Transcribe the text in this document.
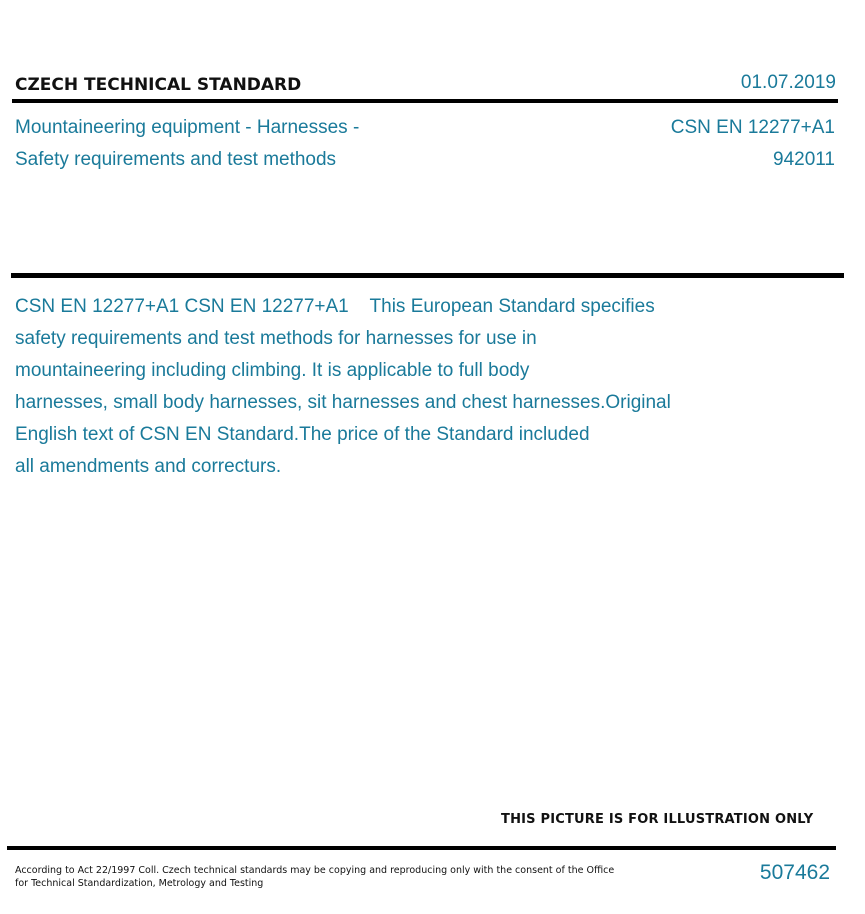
CZECH TECHNICAL STANDARD	01.07.2019
Mountaineering equipment - Harnesses -
Safety requirements and test methods
CSN EN 12277+A1
942011
CSN EN 12277+A1 CSN EN 12277+A1    This European Standard specifies
safety requirements and test methods for harnesses for use in
mountaineering including climbing. It is applicable to full body
harnesses, small body harnesses, sit harnesses and chest harnesses.Original
English text of CSN EN Standard.The price of the Standard included
all amendments and correcturs.
THIS PICTURE IS FOR ILLUSTRATION ONLY
According to Act 22/1997 Coll. Czech technical standards may be copying and reproducing only with the consent of the Office
for Technical Standardization, Metrology and Testing	507462
